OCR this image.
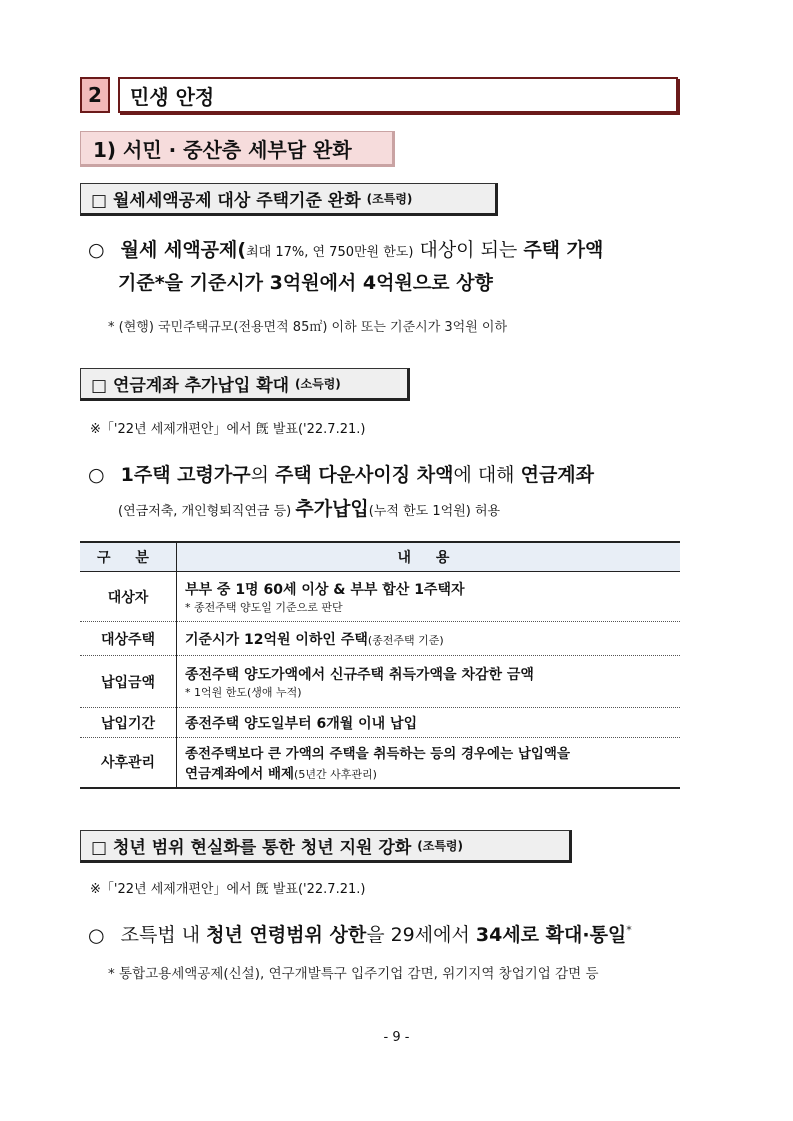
2	민생 안정
1) 서민 · 중산층 세부담 완화
□ 월세세액공제 대상 주택기준 완화 (조특령)
○ 월세 세액공제(최대 17%, 연 750만원 한도) 대상이 되는 주택 가액
기준*을 기준시가 3억원에서 4억원으로 상향
* (현행) 국민주택규모(전용면적 85㎡) 이하 또는 기준시가 3억원 이하
□ 연금계좌 추가납입 확대 (소득령)
※「'22년 세제개편안」에서 旣 발표('22.7.21.)
○ 1주택 고령가구의 주택 다운사이징 차액에 대해 연금계좌
(연금저축, 개인형퇴직연금 등) 추가납입(누적 한도 1억원) 허용
구 분	내 용
대상자	부부 중 1명 60세 이상 & 부부 합산 1주택자
* 종전주택 양도일 기준으로 판단

대상주택	기준시가 12억원 이하인 주택(종전주택 기준)
납입금액	종전주택 양도가액에서 신규주택 취득가액을 차감한 금액
* 1억원 한도(생애 누적)

납입기간	종전주택 양도일부터 6개월 이내 납입
사후관리	종전주택보다 큰 가액의 주택을 취득하는 등의 경우에는 납입액을
연금계좌에서 배제(5년간 사후관리)
□ 청년 범위 현실화를 통한 청년 지원 강화 (조특령)
※「'22년 세제개편안」에서 旣 발표('22.7.21.)
○ 조특법 내 청년 연령범위 상한을 29세에서 34세로 확대·통일*
* 통합고용세액공제(신설), 연구개발특구 입주기업 감면, 위기지역 창업기업 감면 등
- 9 -
